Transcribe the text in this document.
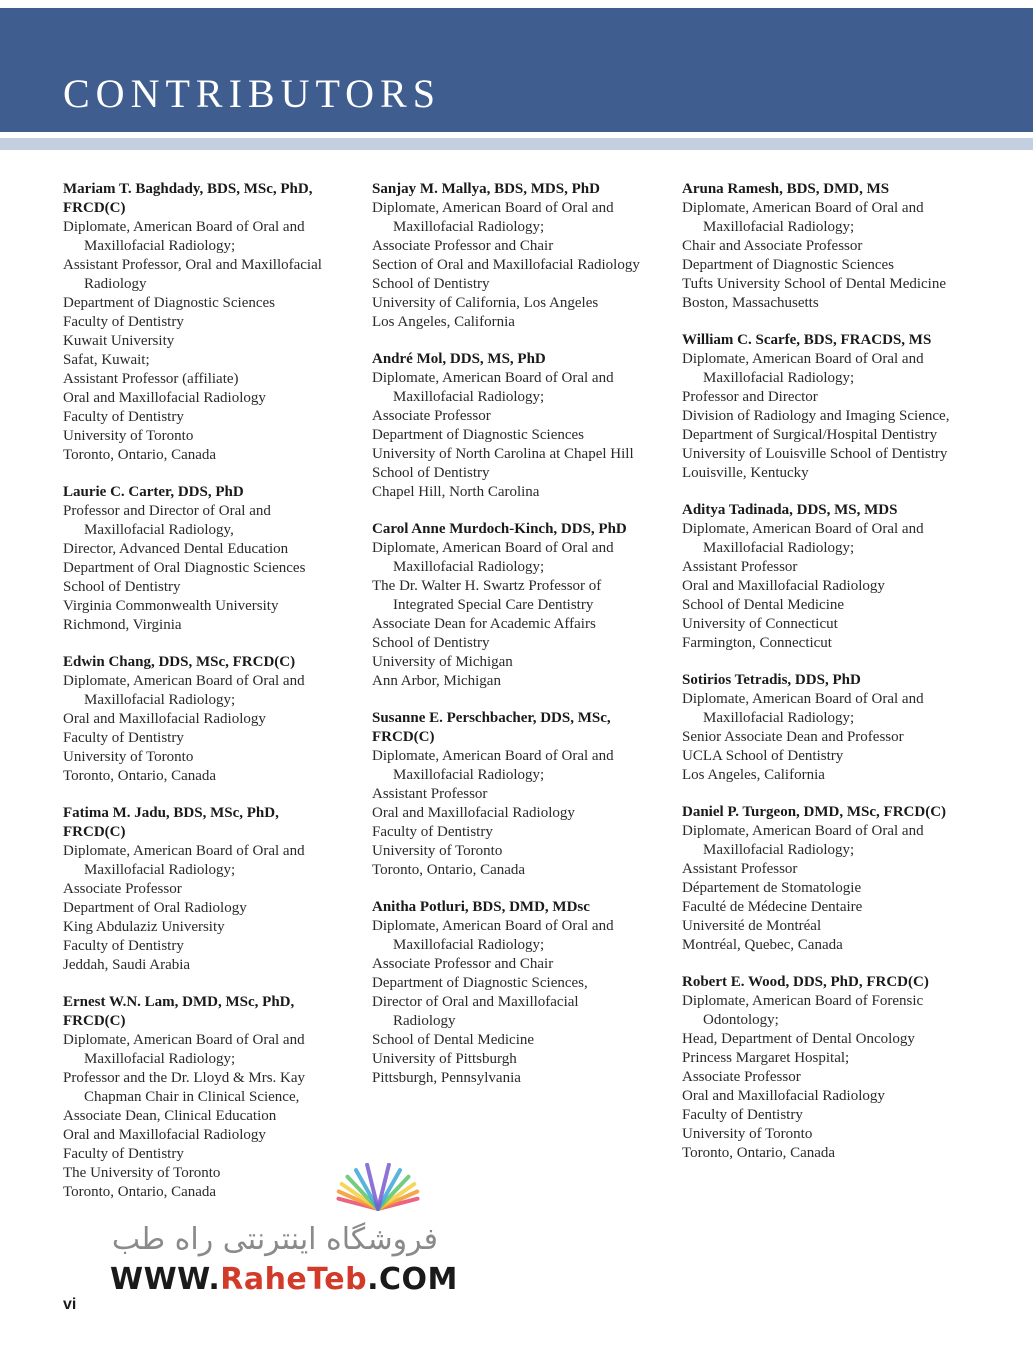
CONTRIBUTORS
Mariam T. Baghdady, BDS, MSc, PhD,
FRCD(C)
Diplomate, American Board of Oral and
Maxillofacial Radiology;
Assistant Professor, Oral and Maxillofacial
Radiology
Department of Diagnostic Sciences
Faculty of Dentistry
Kuwait University
Safat, Kuwait;
Assistant Professor (affiliate)
Oral and Maxillofacial Radiology
Faculty of Dentistry
University of Toronto
Toronto, Ontario, Canada
Laurie C. Carter, DDS, PhD
Professor and Director of Oral and
Maxillofacial Radiology,
Director, Advanced Dental Education
Department of Oral Diagnostic Sciences
School of Dentistry
Virginia Commonwealth University
Richmond, Virginia
Edwin Chang, DDS, MSc, FRCD(C)
Diplomate, American Board of Oral and
Maxillofacial Radiology;
Oral and Maxillofacial Radiology
Faculty of Dentistry
University of Toronto
Toronto, Ontario, Canada
Fatima M. Jadu, BDS, MSc, PhD,
FRCD(C)
Diplomate, American Board of Oral and
Maxillofacial Radiology;
Associate Professor
Department of Oral Radiology
King Abdulaziz University
Faculty of Dentistry
Jeddah, Saudi Arabia
Ernest W.N. Lam, DMD, MSc, PhD,
FRCD(C)
Diplomate, American Board of Oral and
Maxillofacial Radiology;
Professor and the Dr. Lloyd & Mrs. Kay
Chapman Chair in Clinical Science,
Associate Dean, Clinical Education
Oral and Maxillofacial Radiology
Faculty of Dentistry
The University of Toronto
Toronto, Ontario, Canada
Sanjay M. Mallya, BDS, MDS, PhD
Diplomate, American Board of Oral and
Maxillofacial Radiology;
Associate Professor and Chair
Section of Oral and Maxillofacial Radiology
School of Dentistry
University of California, Los Angeles
Los Angeles, California
André Mol, DDS, MS, PhD
Diplomate, American Board of Oral and
Maxillofacial Radiology;
Associate Professor
Department of Diagnostic Sciences
University of North Carolina at Chapel Hill
School of Dentistry
Chapel Hill, North Carolina
Carol Anne Murdoch-Kinch, DDS, PhD
Diplomate, American Board of Oral and
Maxillofacial Radiology;
The Dr. Walter H. Swartz Professor of
Integrated Special Care Dentistry
Associate Dean for Academic Affairs
School of Dentistry
University of Michigan
Ann Arbor, Michigan
Susanne E. Perschbacher, DDS, MSc,
FRCD(C)
Diplomate, American Board of Oral and
Maxillofacial Radiology;
Assistant Professor
Oral and Maxillofacial Radiology
Faculty of Dentistry
University of Toronto
Toronto, Ontario, Canada
Anitha Potluri, BDS, DMD, MDsc
Diplomate, American Board of Oral and
Maxillofacial Radiology;
Associate Professor and Chair
Department of Diagnostic Sciences,
Director of Oral and Maxillofacial
Radiology
School of Dental Medicine
University of Pittsburgh
Pittsburgh, Pennsylvania
Aruna Ramesh, BDS, DMD, MS
Diplomate, American Board of Oral and
Maxillofacial Radiology;
Chair and Associate Professor
Department of Diagnostic Sciences
Tufts University School of Dental Medicine
Boston, Massachusetts
William C. Scarfe, BDS, FRACDS, MS
Diplomate, American Board of Oral and
Maxillofacial Radiology;
Professor and Director
Division of Radiology and Imaging Science,
Department of Surgical/Hospital Dentistry
University of Louisville School of Dentistry
Louisville, Kentucky
Aditya Tadinada, DDS, MS, MDS
Diplomate, American Board of Oral and
Maxillofacial Radiology;
Assistant Professor
Oral and Maxillofacial Radiology
School of Dental Medicine
University of Connecticut
Farmington, Connecticut
Sotirios Tetradis, DDS, PhD
Diplomate, American Board of Oral and
Maxillofacial Radiology;
Senior Associate Dean and Professor
UCLA School of Dentistry
Los Angeles, California
Daniel P. Turgeon, DMD, MSc, FRCD(C)
Diplomate, American Board of Oral and
Maxillofacial Radiology;
Assistant Professor
Département de Stomatologie
Faculté de Médecine Dentaire
Université de Montréal
Montréal, Quebec, Canada
Robert E. Wood, DDS, PhD, FRCD(C)
Diplomate, American Board of Forensic
Odontology;
Head, Department of Dental Oncology
Princess Margaret Hospital;
Associate Professor
Oral and Maxillofacial Radiology
Faculty of Dentistry
University of Toronto
Toronto, Ontario, Canada
فروشگاه اینترنتی راه طب
WWW.RaheTeb.COM
vi
